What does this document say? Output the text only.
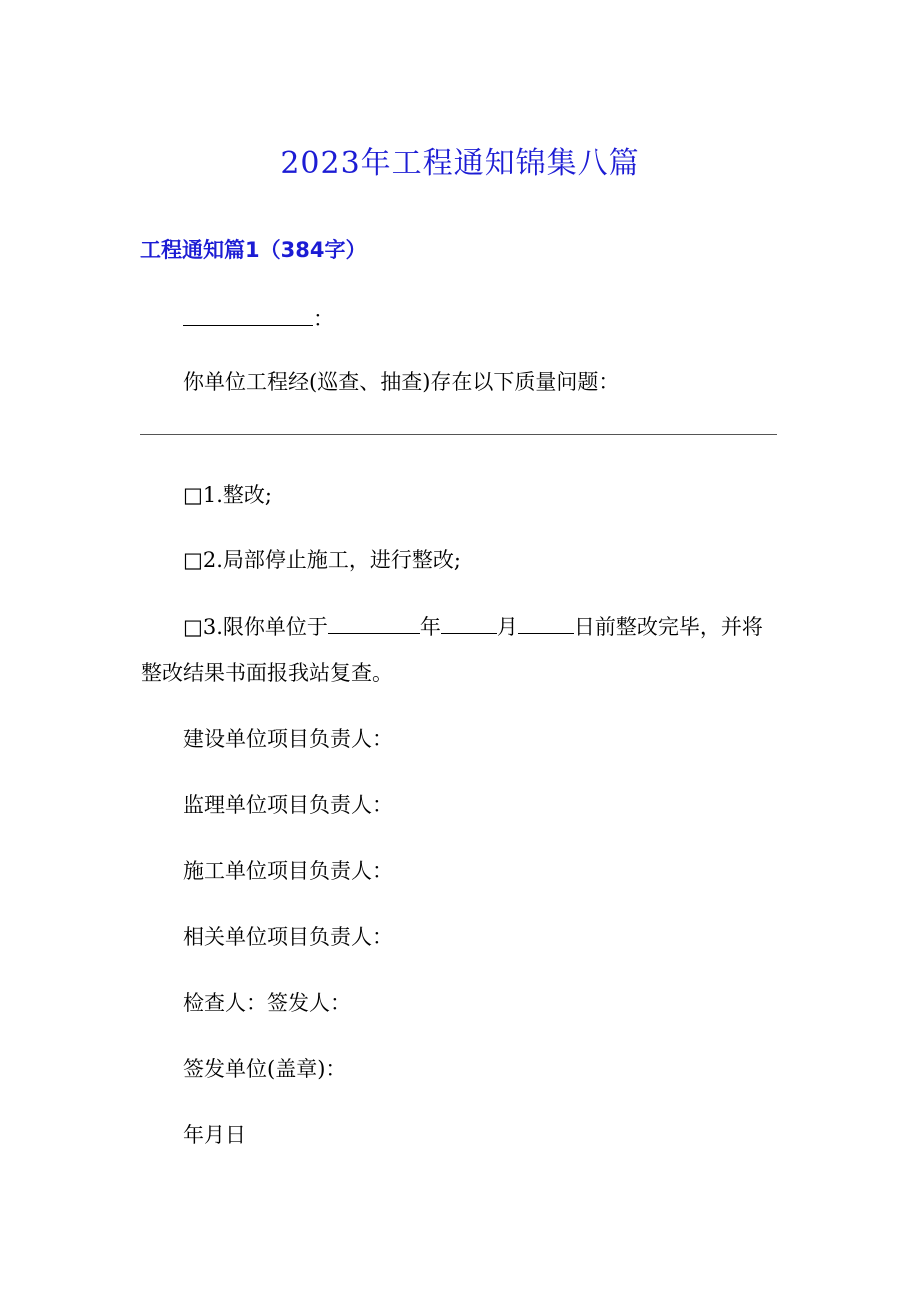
2023年工程通知锦集八篇
工程通知篇1（384字）
：
你单位工程经(巡查、抽查)存在以下质量问题：
□1.整改;
□2.局部停止施工，进行整改;
□3.限你单位于	年	月	日前整改完毕，并将
整改结果书面报我站复查。
建设单位项目负责人：
监理单位项目负责人：
施工单位项目负责人：
相关单位项目负责人：
检查人：签发人：
签发单位(盖章)：
年月日
